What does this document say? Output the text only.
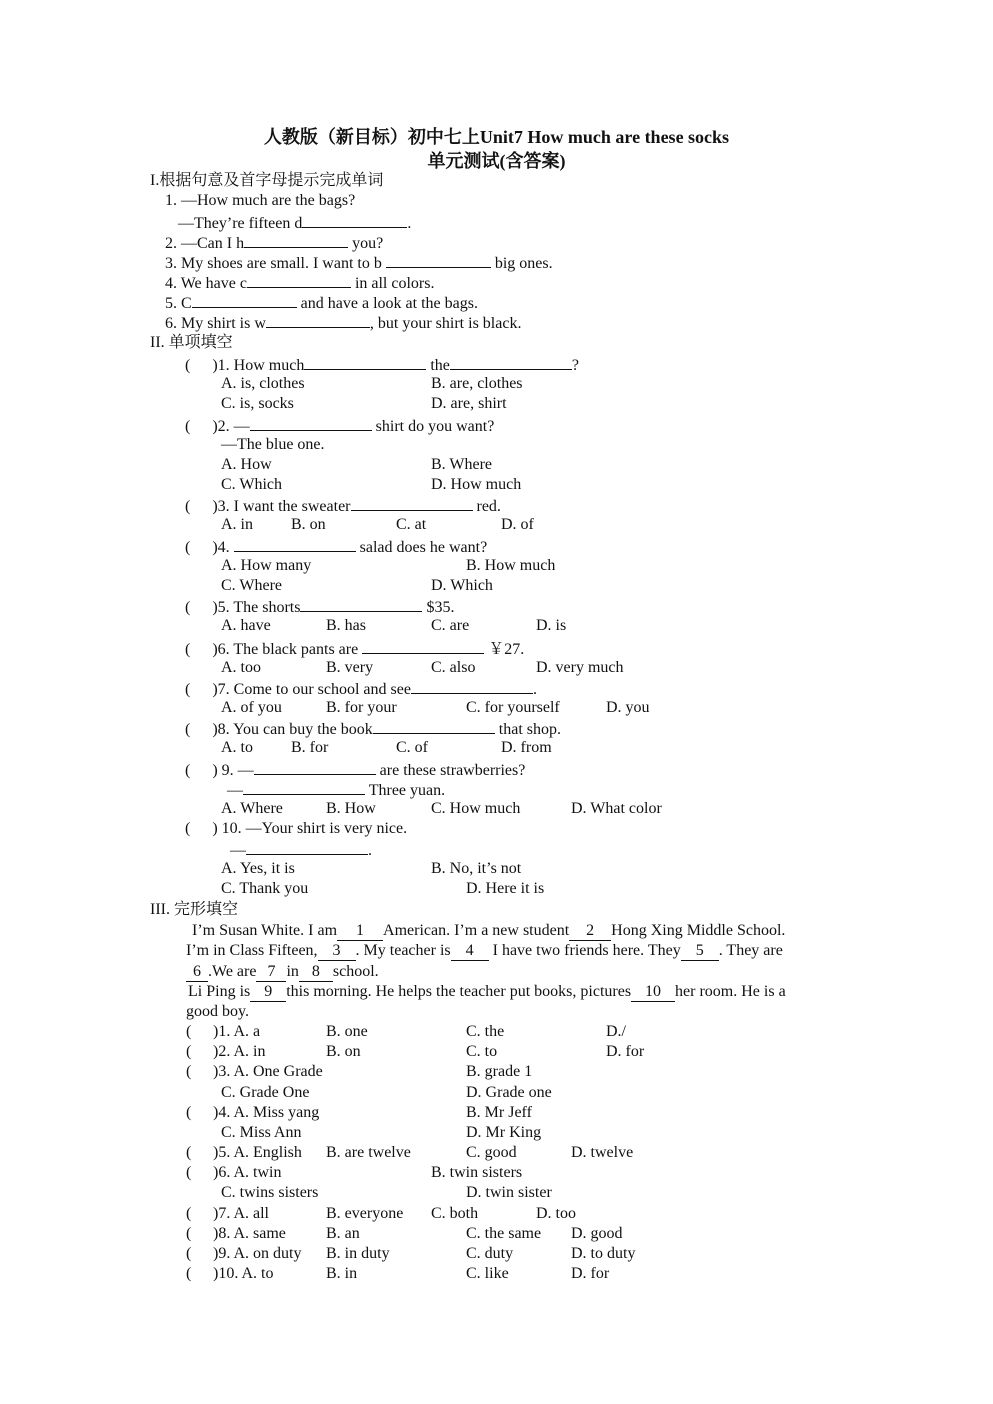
人教版（新目标）初中七上Unit7 How much are these socks
单元测试(含答案)
I.根据句意及首字母提示完成单词
1. —How much are the bags?
—They’re fifteen d	.
2. —Can I h	you?
3. My shoes are small. I want to b	big ones.
4. We have c	in all colors.
5. C	and have a look at the bags.
6. My shirt is w	, but your shirt is black.
II. 单项填空
( )1. How much	the	?
A. is, clothes	B. are, clothes
C. is, socks	D. are, shirt
( )2. —	shirt do you want?
—The blue one.
A. How	B. Where
C. Which	D. How much
( )3. I want the sweater	red.
A. in B. on	C. at	D. of
( )4.	salad does he want?
A. How many	B. How much
C. Where	D. Which
( )5. The shorts	$35.
A. have	B. has	C. are	D. is
( )6. The black pants are	￥27.
A. too	B. very	C. also	D. very much
( )7. Come to our school and see	.
A. of you	B. for your	C. for yourself	D. you
( )8. You can buy the book	that shop.
A. to B. for	C. of	D. from
( ) 9. —	are these strawberries?
—	Three yuan.
A. Where	B. How	C. How much	D. What color
( ) 10. —Your shirt is very nice.
—	.
A. Yes, it is	B. No, it’s not
C. Thank you	D. Here it is
III. 完形填空
I’m Susan White. I am 1 American. I’m a new student 2 Hong Xing Middle School.
I’m in Class Fifteen, 3 . My teacher is 4 I have two friends here. They 5 . They are
6 .We are 7 in 8 school.
Li Ping is 9 this morning. He helps the teacher put books, pictures 10 her room. He is a
good boy.
( )1. A. a	B. one	C. the	D./
( )2. A. in	B. on	C. to	D. for
( )3. A. One Grade	B. grade 1
C. Grade One	D. Grade one
( )4. A. Miss yang	B. Mr Jeff
C. Miss Ann	D. Mr King
( )5. A. English B. are twelve	C. good	D. twelve
( )6. A. twin	B. twin sisters
C. twins sisters	D. twin sister
( )7. A. all	B. everyone C. both	D. too
( )8. A. same	B. an	C. the same D. good
( )9. A. on duty B. in duty	C. duty	D. to duty
( )10. A. to	B. in	C. like	D. for
